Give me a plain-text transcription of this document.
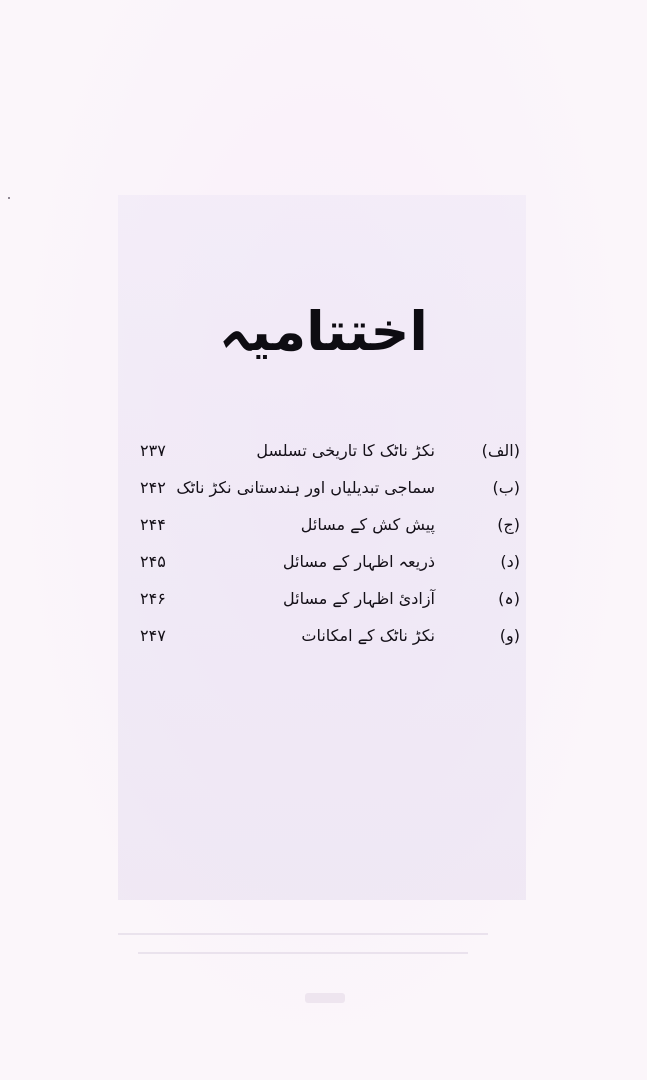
اختتامیہ
(الف)
نکڑ ناٹک کا تاریخی تسلسل
۲۳۷
(ب)
سماجی تبدیلیاں اور ہندستانی نکڑ ناٹک
۲۴۲
(ج)
پیش کش کے مسائل
۲۴۴
(د)
ذریعہ اظہار کے مسائل
۲۴۵
(ہ)
آزادیٔ اظہار کے مسائل
۲۴۶
(و)
نکڑ ناٹک کے امکانات
۲۴۷
